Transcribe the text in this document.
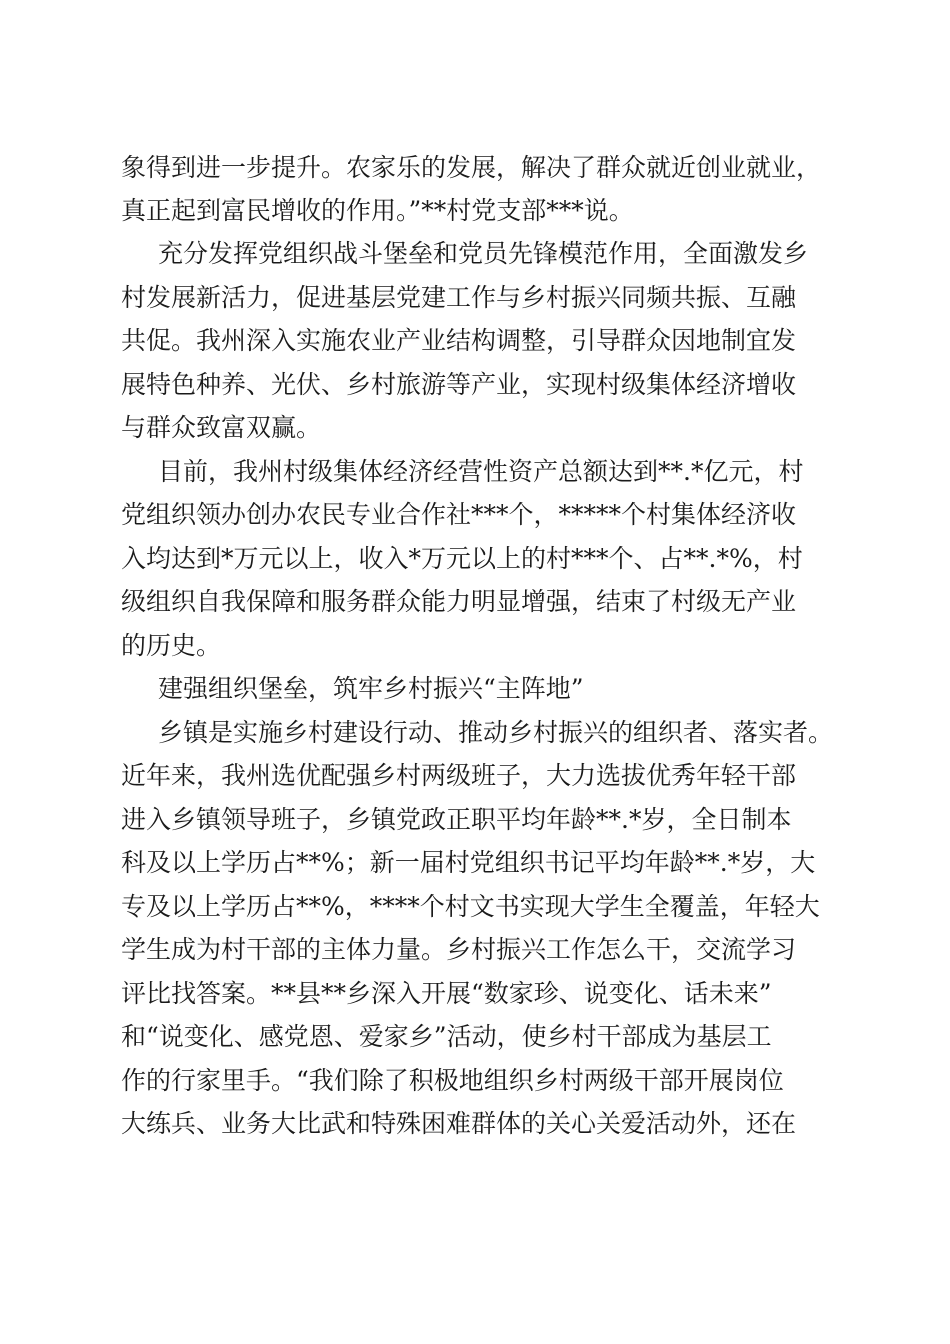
象得到进一步提升。农家乐的发展，解决了群众就近创业就业，
真正起到富民增收的作用。”**村党支部***说。
充分发挥党组织战斗堡垒和党员先锋模范作用，全面激发乡
村发展新活力，促进基层党建工作与乡村振兴同频共振、互融
共促。我州深入实施农业产业结构调整，引导群众因地制宜发
展特色种养、光伏、乡村旅游等产业，实现村级集体经济增收
与群众致富双赢。
目前，我州村级集体经济经营性资产总额达到**.*亿元，村
党组织领办创办农民专业合作社***个，*****个村集体经济收
入均达到*万元以上，收入*万元以上的村***个、占**.*%，村
级组织自我保障和服务群众能力明显增强，结束了村级无产业
的历史。
建强组织堡垒，筑牢乡村振兴“主阵地”
乡镇是实施乡村建设行动、推动乡村振兴的组织者、落实者。
近年来，我州选优配强乡村两级班子，大力选拔优秀年轻干部
进入乡镇领导班子，乡镇党政正职平均年龄**.*岁，全日制本
科及以上学历占**%；新一届村党组织书记平均年龄**.*岁，大
专及以上学历占**%，****个村文书实现大学生全覆盖，年轻大
学生成为村干部的主体力量。乡村振兴工作怎么干，交流学习
评比找答案。**县**乡深入开展“数家珍、说变化、话未来”
和“说变化、感党恩、爱家乡”活动，使乡村干部成为基层工
作的行家里手。“我们除了积极地组织乡村两级干部开展岗位
大练兵、业务大比武和特殊困难群体的关心关爱活动外，还在
